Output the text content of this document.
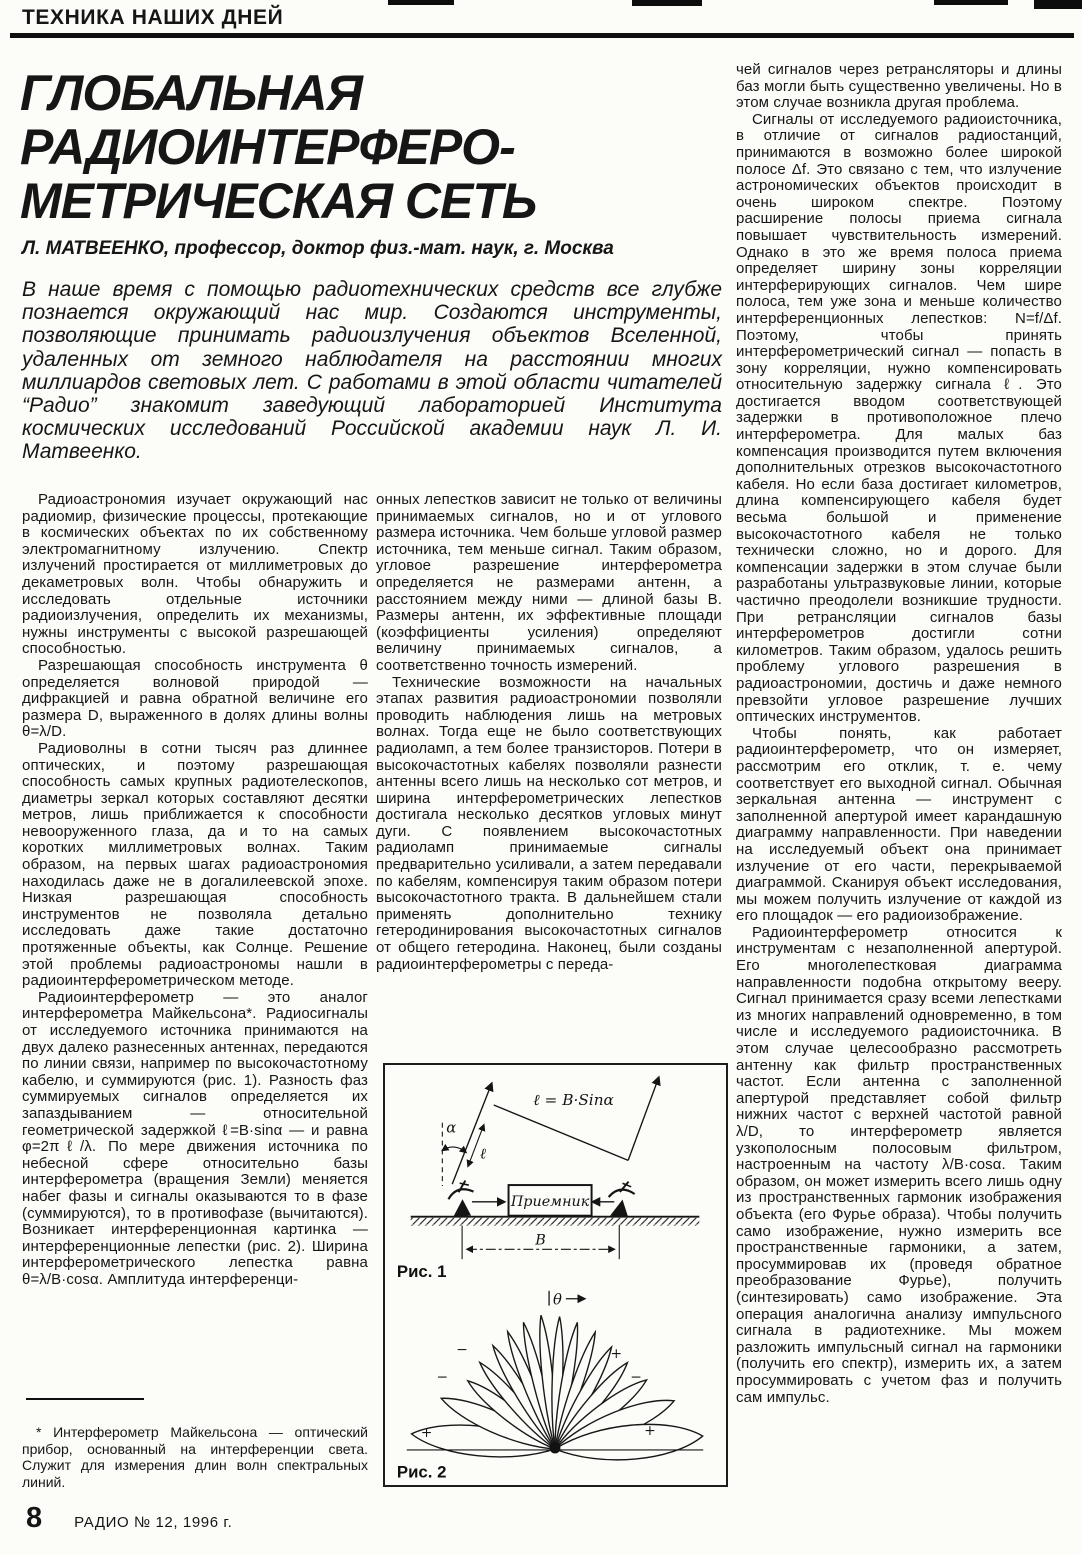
ТЕХНИКА НАШИХ ДНЕЙ
ГЛОБАЛЬНАЯ
РАДИОИНТЕРФЕРО-
МЕТРИЧЕСКАЯ СЕТЬ
Л. МАТВЕЕНКО, профессор, доктор физ.-мат. наук, г. Москва
В наше время с помощью радиотехнических средств все глубже познается окружающий нас мир. Создаются инструменты, позволяющие принимать радиоизлучения объектов Вселенной, удаленных от земного наблюдателя на расстоянии многих миллиардов световых лет. С работами в этой области читателей “Радио” знакомит заведующий лабораторией Института космических исследований Российской академии наук Л. И. Матвеенко.

Радиоастрономия изучает окружающий нас радиомир, физические процессы, протекающие в космических объектах по их собственному электромагнитному излучению. Спектр излучений простирается от миллиметровых до декаметровых волн. Чтобы обнаружить и исследовать отдельные источники радиоизлучения, определить их механизмы, нужны инструменты с высокой разрешающей способностью.

Разрешающая способность инструмента θ определяется волновой природой — дифракцией и равна обратной величине его размера D, выраженного в долях длины волны θ=λ/D.

Радиоволны в сотни тысяч раз длиннее оптических, и поэтому разрешающая способность самых крупных радиотелескопов, диаметры зеркал которых составляют десятки метров, лишь приближается к способности невооруженного глаза, да и то на самых коротких миллиметровых волнах. Таким образом, на первых шагах радиоастрономия находилась даже не в догалилеевской эпохе. Низкая разрешающая способность инструментов не позволяла детально исследовать даже такие достаточно протяженные объекты, как Солнце. Решение этой проблемы радиоастрономы нашли в радиоинтерферометрическом методе.

Радиоинтерферометр — это аналог интерферометра Майкельсона*. Радиосигналы от исследуемого источника принимаются на двух далеко разнесенных антеннах, передаются по линии связи, например по высокочастотному кабелю, и суммируются (рис. 1). Разность фаз суммируемых сигналов определяется их запаздыванием — относительной геометрической задержкой ℓ=B·sinα — и равна φ=2πℓ/λ. По мере движения источника по небесной сфере относительно базы интерферометра (вращения Земли) меняется набег фазы и сигналы оказываются то в фазе (суммируются), то в противофазе (вычитаются). Возникает интерференционная картинка — интерференционные лепестки (рис. 2). Ширина интерферометрического лепестка равна θ=λ/B·cosα. Амплитуда интерференци-

онных лепестков зависит не только от величины принимаемых сигналов, но и от углового размера источника. Чем больше угловой размер источника, тем меньше сигнал. Таким образом, угловое разрешение интерферометра определяется не размерами антенн, а расстоянием между ними — длиной базы B. Размеры антенн, их эффективные площади (коэффициенты усиления) определяют величину принимаемых сигналов, а соответственно точность измерений.

Технические возможности на начальных этапах развития радиоастрономии позволяли проводить наблюдения лишь на метровых волнах. Тогда еще не было соответствующих радиоламп, а тем более транзисторов. Потери в высокочастотных кабелях позволяли разнести антенны всего лишь на несколько сот метров, и ширина интерферометрических лепестков достигала несколько десятков угловых минут дуги. С появлением высокочастотных радиоламп принимаемые сигналы предварительно усиливали, а затем передавали по кабелям, компенсируя таким образом потери высокочастотного тракта. В дальнейшем стали применять дополнительно технику гетеродинирования высокочастотных сигналов от общего гетеродина. Наконец, были созданы радиоинтерферометры с переда-

чей сигналов через ретрансляторы и длины баз могли быть существенно увеличены. Но в этом случае возникла другая проблема.

Сигналы от исследуемого радиоисточника, в отличие от сигналов радиостанций, принимаются в возможно более широкой полосе Δf. Это связано с тем, что излучение астрономических объектов происходит в очень широком спектре. Поэтому расширение полосы приема сигнала повышает чувствительность измерений. Однако в это же время полоса приема определяет ширину зоны корреляции интерферирующих сигналов. Чем шире полоса, тем уже зона и меньше количество интерференционных лепестков: N=f/Δf. Поэтому, чтобы принять интерферометрический сигнал — попасть в зону корреляции, нужно компенсировать относительную задержку сигнала ℓ. Это достигается вводом соответствующей задержки в противоположное плечо интерферометра. Для малых баз компенсация производится путем включения дополнительных отрезков высокочастотного кабеля. Но если база достигает километров, длина компенсирующего кабеля будет весьма большой и применение высокочастотного кабеля не только технически сложно, но и дорого. Для компенсации задержки в этом случае были разработаны ультразвуковые линии, которые частично преодолели возникшие трудности. При ретрансляции сигналов базы интерферометров достигли сотни километров. Таким образом, удалось решить проблему углового разрешения в радиоастрономии, достичь и даже немного превзойти угловое разрешение лучших оптических инструментов.

Чтобы понять, как работает радиоинтерферометр, что он измеряет, рассмотрим его отклик, т. е. чему соответствует его выходной сигнал. Обычная зеркальная антенна — инструмент с заполненной апертурой имеет карандашную диаграмму направленности. При наведении на исследуемый объект она принимает излучение от его части, перекрываемой диаграммой. Сканируя объект исследования, мы можем получить излучение от каждой из его площадок — его радиоизображение.

Радиоинтерферометр относится к инструментам с незаполненной апертурой. Его многолепестковая диаграмма направленности подобна открытому вееру. Сигнал принимается сразу всеми лепестками из многих направлений одновременно, в том числе и исследуемого радиоисточника. В этом случае целесообразно рассмотреть антенну как фильтр пространственных частот. Если антенна с заполненной апертурой представляет собой фильтр нижних частот с верхней частотой равной λ/D, то интерферометр является узкополосным полосовым фильтром, настроенным на частоту λ/B·cosα. Таким образом, он может измерить всего лишь одну из пространственных гармоник изображения объекта (его Фурье образа). Чтобы получить само изображение, нужно измерить все пространственные гармоники, а затем, просуммировав их (проведя обратное преобразование Фурье), получить (синтезировать) само изображение. Эта операция аналогична анализу импульсного сигнала в радиотехнике. Мы можем разложить импульсный сигнал на гармоники (получить его спектр), измерить их, а затем просуммировать с учетом фаз и получить сам импульс.

ℓ = B·Sinα
α
ℓ
Приемник
B
Рис. 1
θ
+
−
−	+
−
+
Рис. 2
* Интерферометр Майкельсона — оптический прибор, основанный на интерференции света. Служит для измерения длин волн спектральных линий.
8 РАДИО № 12, 1996 г.
